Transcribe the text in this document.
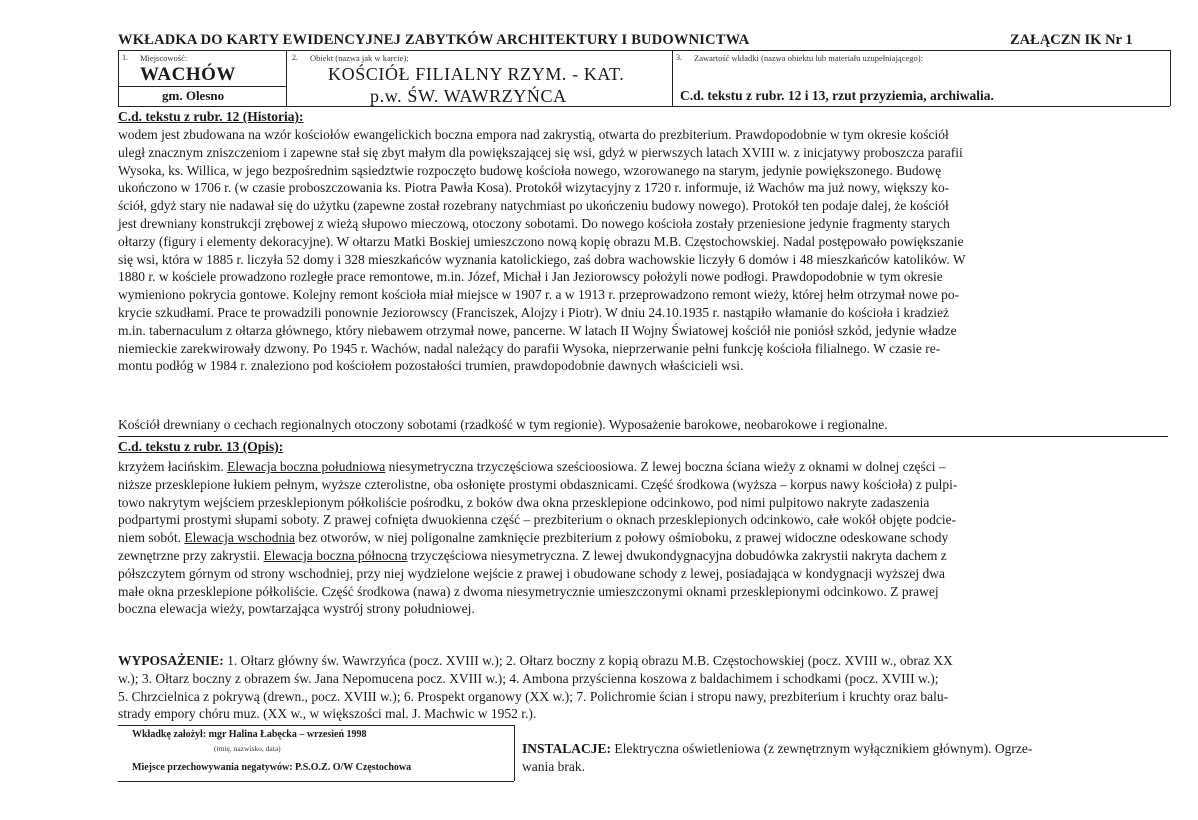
WKŁADKA DO KARTY EWIDENCYJNEJ ZABYTKÓW ARCHITEKTURY I BUDOWNICTWA	ZAŁĄCZN IK Nr 1
1. Miejscowość:
WACHÓW
gm. Olesno
2. Obiekt (nazwa jak w karcie):
KOŚCIÓŁ FILIALNY RZYM. - KAT.
p.w. ŚW. WAWRZYŃCA
3. Zawartość wkładki (nazwa obiektu lub materiału uzupełniającego):
C.d. tekstu z rubr. 12 i 13, rzut przyziemia, archiwalia.
C.d. tekstu z rubr. 12 (Historia):
wodem jest zbudowana na wzór kościołów ewangelickich boczna empora nad zakrystią, otwarta do prezbiterium. Prawdopodobnie w tym okresie kościół
uległ znacznym zniszczeniom i zapewne stał się zbyt małym dla powiększającej się wsi, gdyż w pierwszych latach XVIII w. z inicjatywy proboszcza parafii
Wysoka, ks. Willica, w jego bezpośrednim sąsiedztwie rozpoczęto budowę kościoła nowego, wzorowanego na starym, jedynie powiększonego. Budowę
ukończono w 1706 r. (w czasie proboszczowania ks. Piotra Pawła Kosa). Protokół wizytacyjny z 1720 r. informuje, iż Wachów ma już nowy, większy ko-
ściół, gdyż stary nie nadawał się do użytku (zapewne został rozebrany natychmiast po ukończeniu budowy nowego). Protokół ten podaje dalej, że kościół
jest drewniany konstrukcji zrębowej z wieżą słupowo mieczową, otoczony sobotami. Do nowego kościoła zostały przeniesione jedynie fragmenty starych
ołtarzy (figury i elementy dekoracyjne). W ołtarzu Matki Boskiej umieszczono nową kopię obrazu M.B. Częstochowskiej. Nadal postępowało powiększanie
się wsi, która w 1885 r. liczyła 52 domy i 328 mieszkańców wyznania katolickiego, zaś dobra wachowskie liczyły 6 domów i 48 mieszkańców katolików. W
1880 r. w kościele prowadzono rozległe prace remontowe, m.in. Józef, Michał i Jan Jeziorowscy położyli nowe podłogi. Prawdopodobnie w tym okresie
wymieniono pokrycia gontowe. Kolejny remont kościoła miał miejsce w 1907 r. a w 1913 r. przeprowadzono remont wieży, której hełm otrzymał nowe po-
krycie szkudłami. Prace te prowadzili ponownie Jeziorowscy (Franciszek, Alojzy i Piotr). W dniu 24.10.1935 r. nastąpiło włamanie do kościoła i kradzież
m.in. tabernaculum z ołtarza głównego, który niebawem otrzymał nowe, pancerne. W latach II Wojny Światowej kościół nie poniósł szkód, jedynie władze
niemieckie zarekwirowały dzwony. Po 1945 r. Wachów, nadal należący do parafii Wysoka, nieprzerwanie pełni funkcję kościoła filialnego. W czasie re-
montu podłóg w 1984 r. znaleziono pod kościołem pozostałości trumien, prawdopodobnie dawnych właścicieli wsi.
Kościół drewniany o cechach regionalnych otoczony sobotami (rzadkość w tym regionie). Wyposażenie barokowe, neobarokowe i regionalne.
C.d. tekstu z rubr. 13 (Opis):
krzyżem łacińskim. Elewacja boczna południowa niesymetryczna trzyczęściowa sześcioosiowa. Z lewej boczna ściana wieży z oknami w dolnej części –
niższe przesklepione łukiem pełnym, wyższe czterolistne, oba osłonięte prostymi obdasznicami. Część środkowa (wyższa – korpus nawy kościoła) z pulpi-
towo nakrytym wejściem przesklepionym półkoliście pośrodku, z boków dwa okna przesklepione odcinkowo, pod nimi pulpitowo nakryte zadaszenia
podpartymi prostymi słupami soboty. Z prawej cofnięta dwuokienna część – prezbiterium o oknach przesklepionych odcinkowo, całe wokół objęte podcie-
niem sobót. Elewacja wschodnia bez otworów, w niej poligonalne zamknięcie prezbiterium z połowy ośmioboku, z prawej widoczne odeskowane schody
zewnętrzne przy zakrystii. Elewacja boczna północna trzyczęściowa niesymetryczna. Z lewej dwukondygnacyjna dobudówka zakrystii nakryta dachem z
półszczytem górnym od strony wschodniej, przy niej wydzielone wejście z prawej i obudowane schody z lewej, posiadająca w kondygnacji wyższej dwa
małe okna przesklepione półkoliście. Część środkowa (nawa) z dwoma niesymetrycznie umieszczonymi oknami przesklepionymi odcinkowo. Z prawej
boczna elewacja wieży, powtarzająca wystrój strony południowej.
WYPOSAŻENIE: 1. Ołtarz główny św. Wawrzyńca (pocz. XVIII w.); 2. Ołtarz boczny z kopią obrazu M.B. Częstochowskiej (pocz. XVIII w., obraz XX
w.); 3. Ołtarz boczny z obrazem św. Jana Nepomucena pocz. XVIII w.); 4. Ambona przyścienna koszowa z baldachimem i schodkami (pocz. XVIII w.);
5. Chrzcielnica z pokrywą (drewn., pocz. XVIII w.); 6. Prospekt organowy (XX w.); 7. Polichromie ścian i stropu nawy, prezbiterium i kruchty oraz balu-
strady empory chóru muz. (XX w., w większości mal. J. Machwic w 1952 r.).
Wkładkę założył: mgr Halina Łabęcka – wrzesień 1998
(imię, nazwisko, data)
Miejsce przechowywania negatywów: P.S.O.Z. O/W Częstochowa
INSTALACJE: Elektryczna oświetleniowa (z zewnętrznym wyłącznikiem głównym). Ogrze-
wania brak.
